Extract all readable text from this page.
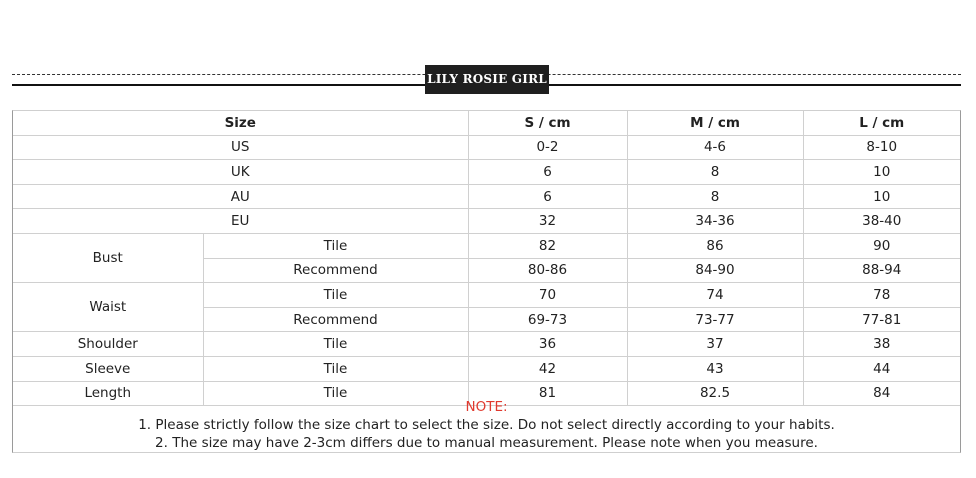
LILY ROSIE GIRL
Size		S / cm	M / cm	L / cm
US		0-2	4-6	8-10
UK		6	8	10
AU		6	8	10
EU		32	34-36	38-40
Bust	Tile	82	86	90
	Recommend	80-86	84-90	88-94
Waist	Tile	70	74	78
	Recommend	69-73	73-77	77-81
Shoulder	Tile	36	37	38
Sleeve	Tile	42	43	44
Length	Tile	81	82.5	84
NOTE:
1. Please strictly follow the size chart to select the size. Do not select directly according to your habits.
2. The size may have 2-3cm differs due to manual measurement. Please note when you measure.
